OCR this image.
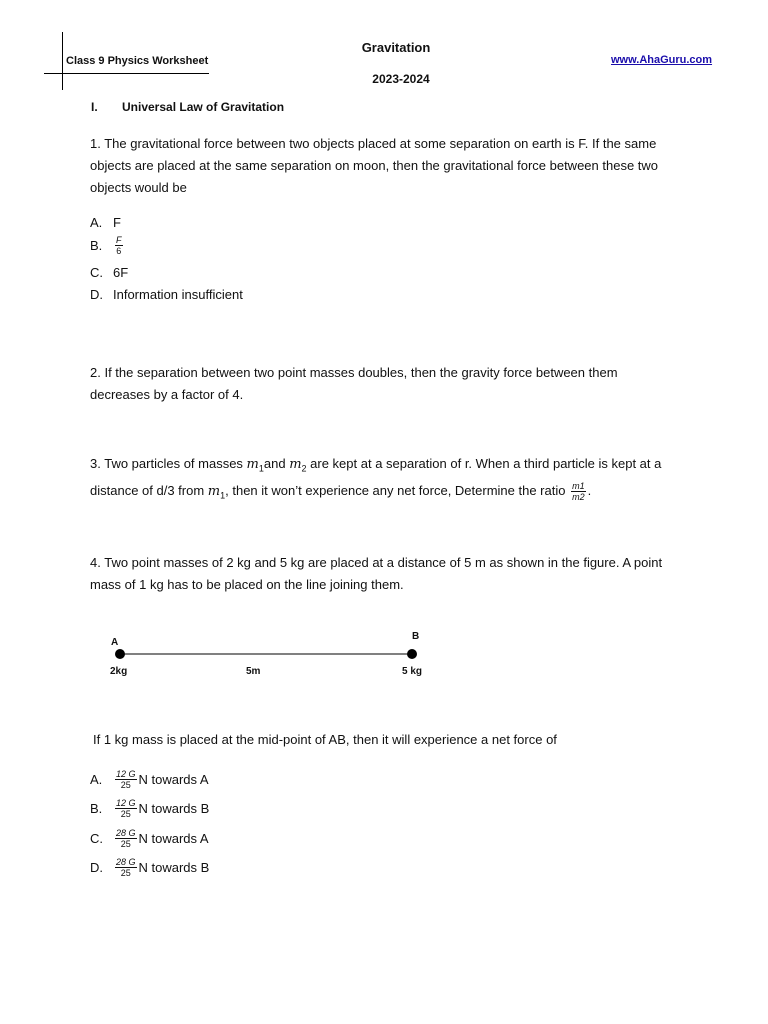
Class 9 Physics Worksheet
Gravitation
2023-2024
www.AhaGuru.com
I. Universal Law of Gravitation
1. The gravitational force between two objects placed at some separation on earth is F. If the same objects are placed at the same separation on moon, then the gravitational force between these two objects would be
A. F
B.	$\frac{F}{6}$
C. 6F
D. Information insufficient
2. If the separation between two point masses doubles, then the gravity force between them decreases by a factor of 4.
3. Two particles of masses $m_1and$ $m_2$ are kept at a separation of r. When a third particle is kept at a distance of d/3 from $m_1$, then it won’t experience any net force, Determine the ratio $\frac{m1}{m2}$ .
4. Two point masses of 2 kg and 5 kg are placed at a distance of 5 m as shown in the figure. A point mass of 1 kg has to be placed on the line joining them.
A
B
2kg	5m	5 kg
If 1 kg mass is placed at the mid-point of AB, then it will experience a net force of
A.	$\frac{12 G}{25}$ N towards A
B.	$\frac{12 G}{25}$ N towards B
C.	$\frac{28 G}{25}$ N towards A
D.	$\frac{28 G}{25}$ N towards B
